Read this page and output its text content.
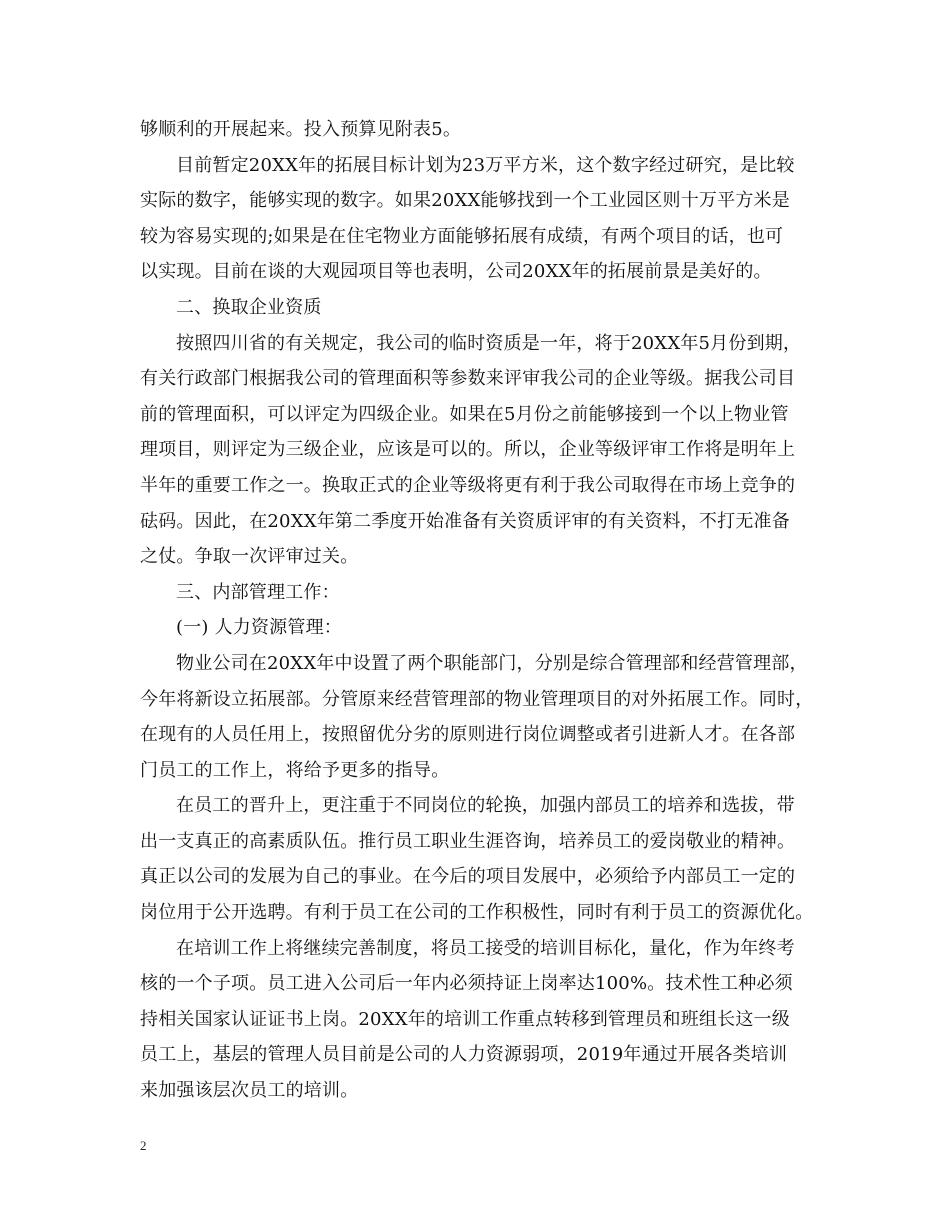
够顺利的开展起来。投入预算见附表5。
目前暂定20XX年的拓展目标计划为23万平方米，这个数字经过研究，是比较
实际的数字，能够实现的数字。如果20XX能够找到一个工业园区则十万平方米是
较为容易实现的;如果是在住宅物业方面能够拓展有成绩，有两个项目的话，也可
以实现。目前在谈的大观园项目等也表明，公司20XX年的拓展前景是美好的。
二、换取企业资质
按照四川省的有关规定，我公司的临时资质是一年，将于20XX年5月份到期，
有关行政部门根据我公司的管理面积等参数来评审我公司的企业等级。据我公司目
前的管理面积，可以评定为四级企业。如果在5月份之前能够接到一个以上物业管
理项目，则评定为三级企业，应该是可以的。所以，企业等级评审工作将是明年上
半年的重要工作之一。换取正式的企业等级将更有利于我公司取得在市场上竞争的
砝码。因此，在20XX年第二季度开始准备有关资质评审的有关资料，不打无准备
之仗。争取一次评审过关。
三、内部管理工作：
(一) 人力资源管理：
物业公司在20XX年中设置了两个职能部门，分别是综合管理部和经营管理部，
今年将新设立拓展部。分管原来经营管理部的物业管理项目的对外拓展工作。同时，
在现有的人员任用上，按照留优分劣的原则进行岗位调整或者引进新人才。在各部
门员工的工作上，将给予更多的指导。
在员工的晋升上，更注重于不同岗位的轮换，加强内部员工的培养和选拔，带
出一支真正的高素质队伍。推行员工职业生涯咨询，培养员工的爱岗敬业的精神。
真正以公司的发展为自己的事业。在今后的项目发展中，必须给予内部员工一定的
岗位用于公开选聘。有利于员工在公司的工作积极性，同时有利于员工的资源优化。
在培训工作上将继续完善制度，将员工接受的培训目标化，量化，作为年终考
核的一个子项。员工进入公司后一年内必须持证上岗率达100%。技术性工种必须
持相关国家认证证书上岗。20XX年的培训工作重点转移到管理员和班组长这一级
员工上，基层的管理人员目前是公司的人力资源弱项，2019年通过开展各类培训
来加强该层次员工的培训。
2
